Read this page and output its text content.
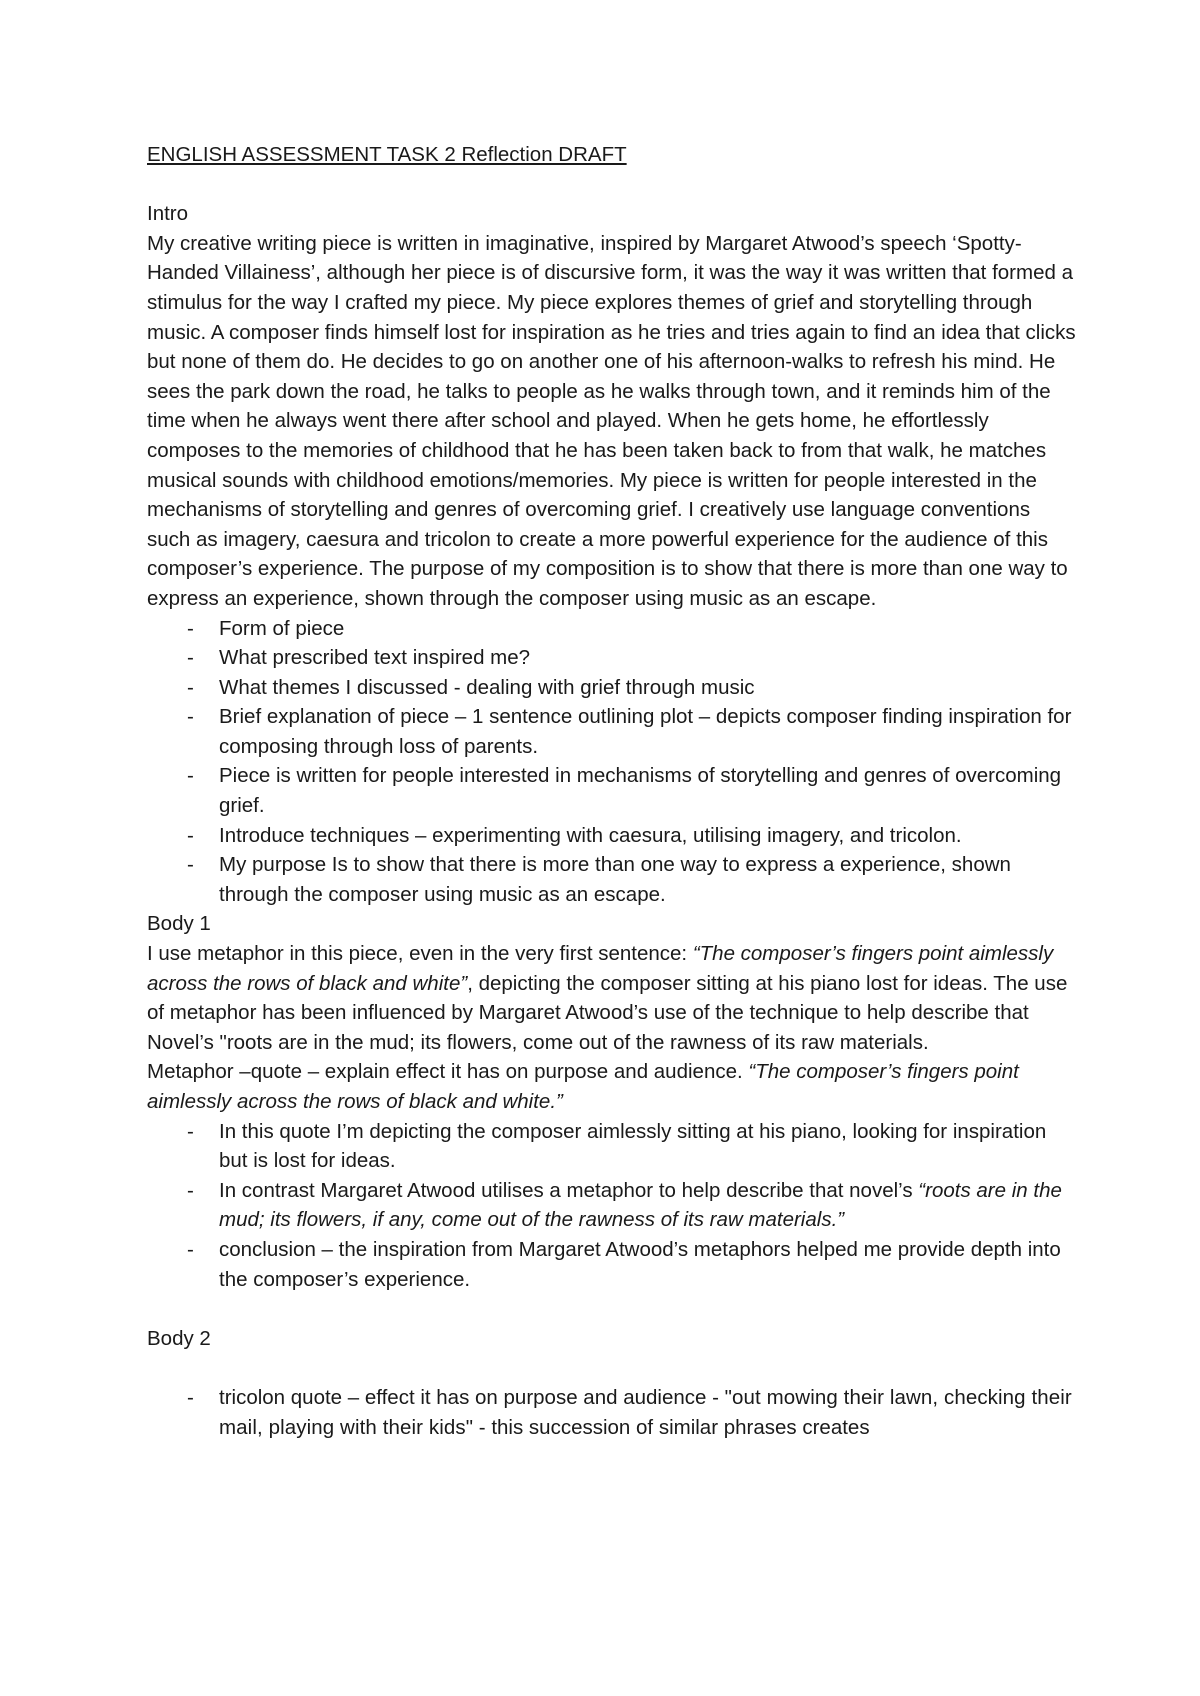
ENGLISH ASSESSMENT TASK 2 Reflection DRAFT

Intro

My creative writing piece is written in imaginative, inspired by Margaret Atwood’s speech ‘Spotty-Handed Villainess’, although her piece is of discursive form, it was the way it was written that formed a stimulus for the way I crafted my piece. My piece explores themes of grief and storytelling through music. A composer finds himself lost for inspiration as he tries and tries again to find an idea that clicks but none of them do. He decides to go on another one of his afternoon-walks to refresh his mind. He sees the park down the road, he talks to people as he walks through town, and it reminds him of the time when he always went there after school and played. When he gets home, he effortlessly composes to the memories of childhood that he has been taken back to from that walk, he matches musical sounds with childhood emotions/memories. My piece is written for people interested in the mechanisms of storytelling and genres of overcoming grief. I creatively use language conventions such as imagery, caesura and tricolon to create a more powerful experience for the audience of this composer’s experience. The purpose of my composition is to show that there is more than one way to express an experience, shown through the composer using music as an escape.

- Form of piece
- What prescribed text inspired me?
- What themes I discussed - dealing with grief through music
- Brief explanation of piece – 1 sentence outlining plot – depicts composer finding inspiration for composing through loss of parents.
- Piece is written for people interested in mechanisms of storytelling and genres of overcoming grief.
- Introduce techniques – experimenting with caesura, utilising imagery, and tricolon.
- My purpose Is to show that there is more than one way to express a experience, shown through the composer using music as an escape.

Body 1

I use metaphor in this piece, even in the very first sentence: “The composer’s fingers point aimlessly across the rows of black and white”, depicting the composer sitting at his piano lost for ideas. The use of metaphor has been influenced by Margaret Atwood’s use of the technique to help describe that Novel’s "roots are in the mud; its flowers, come out of the rawness of its raw materials.

Metaphor –quote – explain effect it has on purpose and audience. “The composer’s fingers point aimlessly across the rows of black and white.”

- In this quote I’m depicting the composer aimlessly sitting at his piano, looking for inspiration but is lost for ideas.
- In contrast Margaret Atwood utilises a metaphor to help describe that novel’s “roots are in the mud; its flowers, if any, come out of the rawness of its raw materials.”
- conclusion – the inspiration from Margaret Atwood’s metaphors helped me provide depth into the composer’s experience.

Body 2

- tricolon quote – effect it has on purpose and audience - "out mowing their lawn, checking their mail, playing with their kids" - this succession of similar phrases creates
